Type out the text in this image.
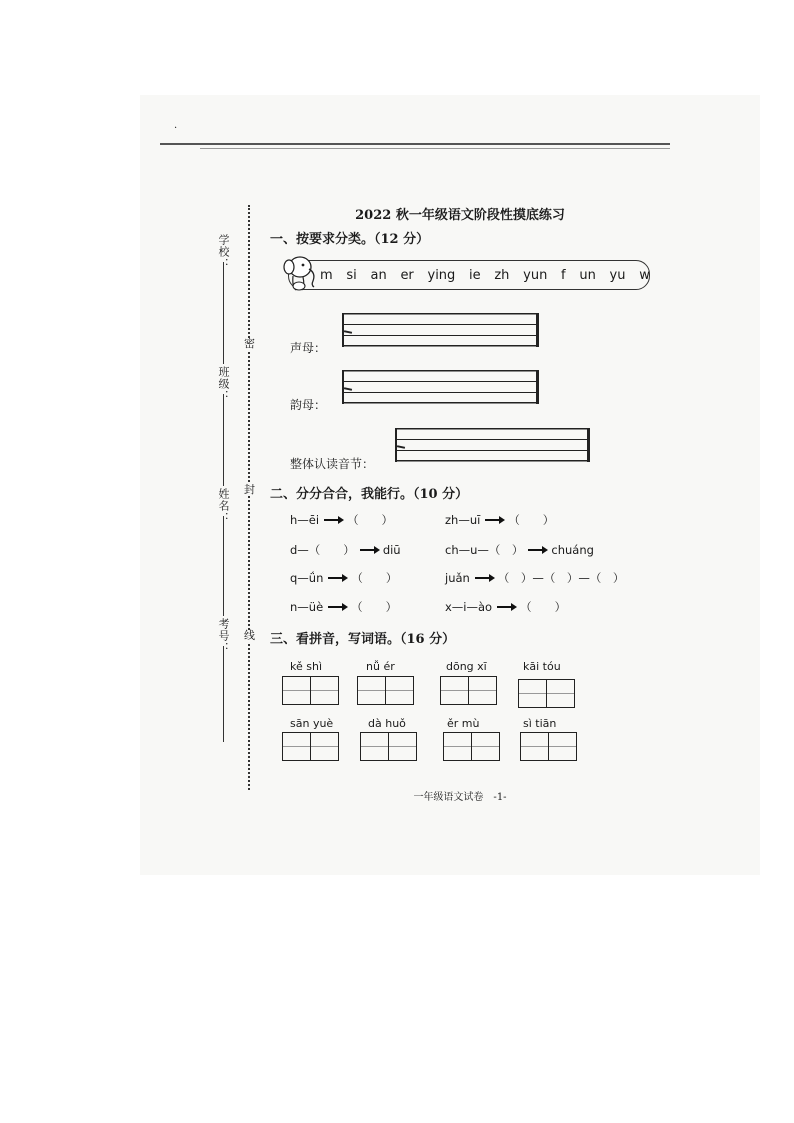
.
学校：
班级：
姓名：
考号：
密
封
线
2022 秋一年级语文阶段性摸底练习
一、按要求分类。（12 分）
m si an er ying ie zh yun f un yu w
声母：
韵母：
整体认读音节：
二、分分合合，我能行。（10 分）
h—ēi （　　）	zh—uī （　　）
d—（　　） diū	ch—u—（　） chuáng
q—ǘn （　　）	juǎn （　）—（　）—（　）
n—üè （　　）	x—i—ào （　　）
三、看拼音，写词语。（16 分）
kě shì	nǚ ér	dōng xī	kāi tóu
sān yuè	dà huǒ	ěr mù	sì tiān
一年级语文试卷　-1-
